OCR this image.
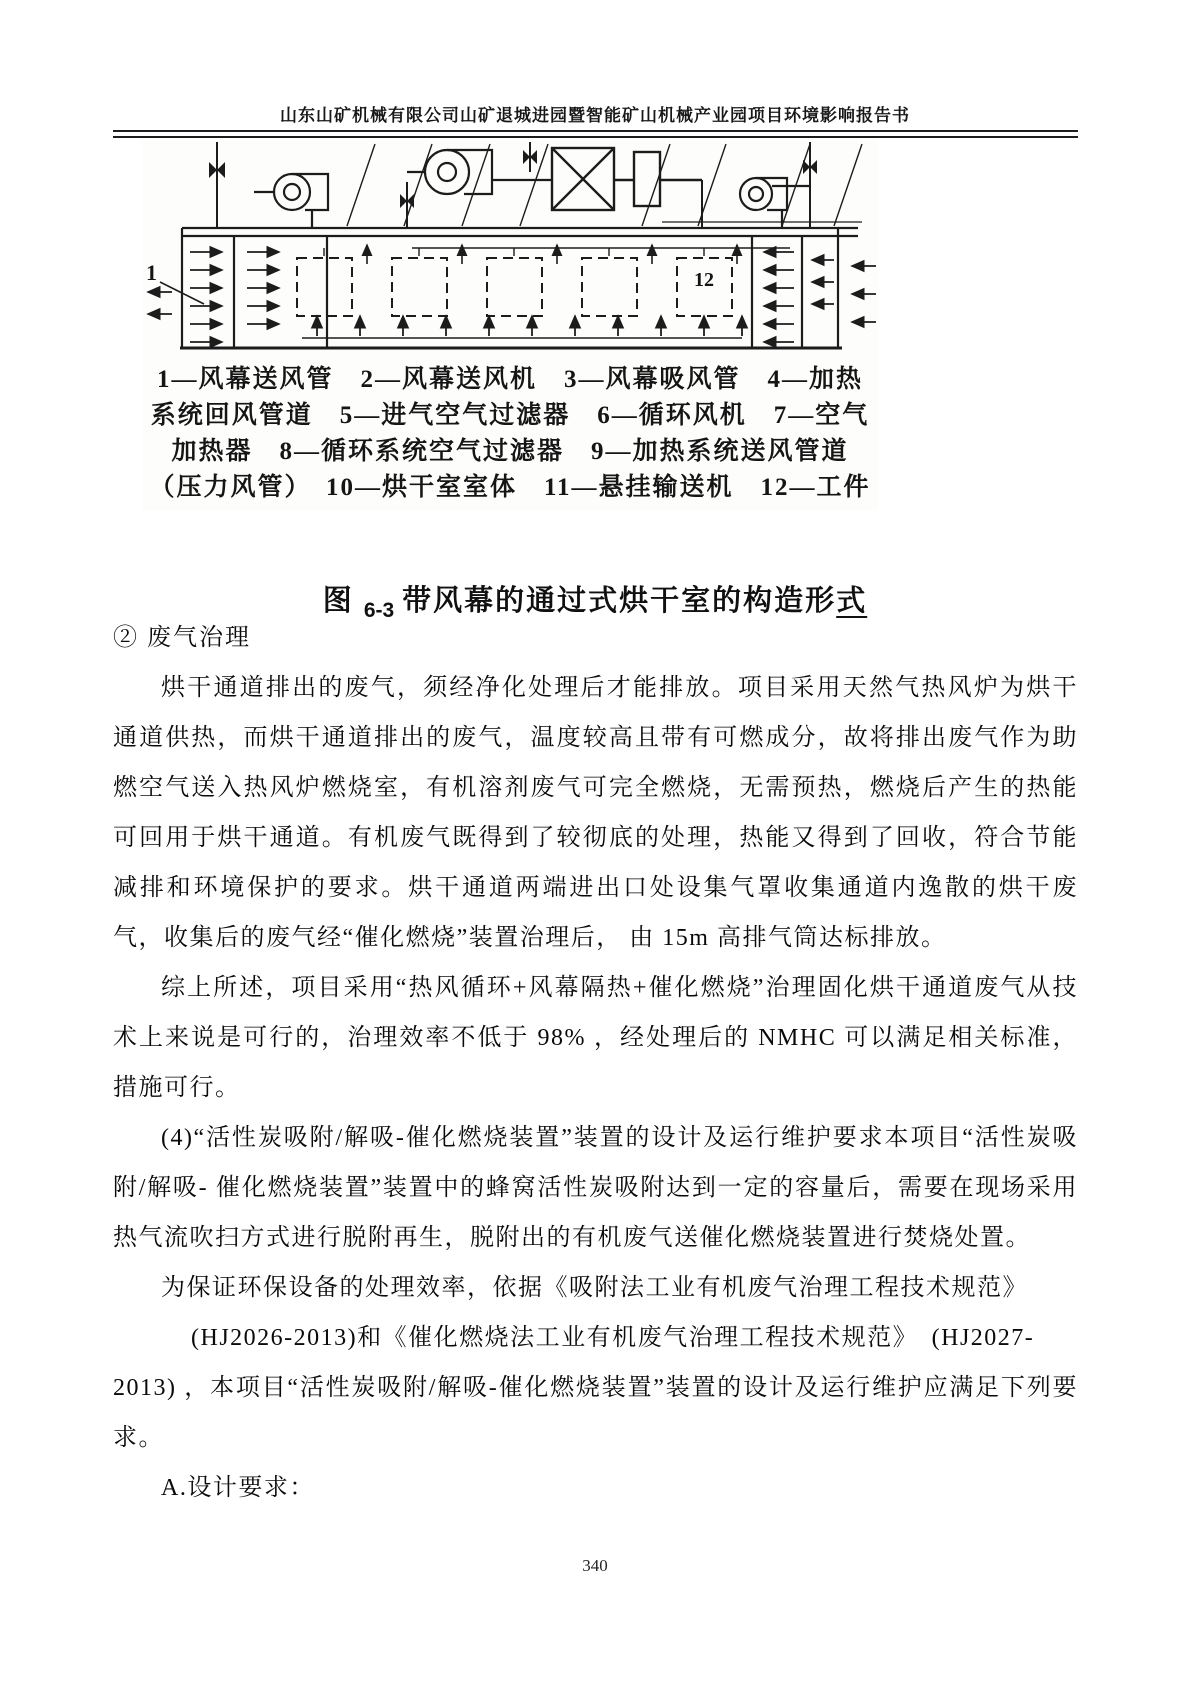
山东山矿机械有限公司山矿退城进园暨智能矿山机械产业园项目环境影响报告书
1	12
1—风幕送风管　2—风幕送风机　3—风幕吸风管　4—加热
系统回风管道　5—进气空气过滤器　6—循环风机　7—空气
加热器　8—循环系统空气过滤器　9—加热系统送风管道
（压力风管）　10—烘干室室体　11—悬挂输送机　12—工件
图 $_{6-3}$ 带风幕的通过式烘干室的构造形式

② 废气治理

烘干通道排出的废气，须经净化处理后才能排放。项目采用天然气热风炉为烘干通道供热，而烘干通道排出的废气，温度较高且带有可燃成分，故将排出废气作为助燃空气送入热风炉燃烧室，有机溶剂废气可完全燃烧，无需预热，燃烧后产生的热能可回用于烘干通道。有机废气既得到了较彻底的处理，热能又得到了回收，符合节能减排和环境保护的要求。烘干通道两端进出口处设集气罩收集通道内逸散的烘干废气，收集后的废气经“催化燃烧”装置治理后， 由 15m 高排气筒达标排放。

综上所述，项目采用“热风循环+风幕隔热+催化燃烧”治理固化烘干通道废气从技术上来说是可行的，治理效率不低于 98% ，经处理后的 NMHC 可以满足相关标准，措施可行。

(4)“活性炭吸附/解吸-催化燃烧装置”装置的设计及运行维护要求本项目“活性炭吸附/解吸- 催化燃烧装置”装置中的蜂窝活性炭吸附达到一定的容量后，需要在现场采用热气流吹扫方式进行脱附再生，脱附出的有机废气送催化燃烧装置进行焚烧处置。

为保证环保设备的处理效率，依据《吸附法工业有机废气治理工程技术规范》

(HJ2026-2013)和《催化燃烧法工业有机废气治理工程技术规范》　(HJ2027-

2013) ，本项目“活性炭吸附/解吸-催化燃烧装置”装置的设计及运行维护应满足下列要求。

A.设计要求：

340
